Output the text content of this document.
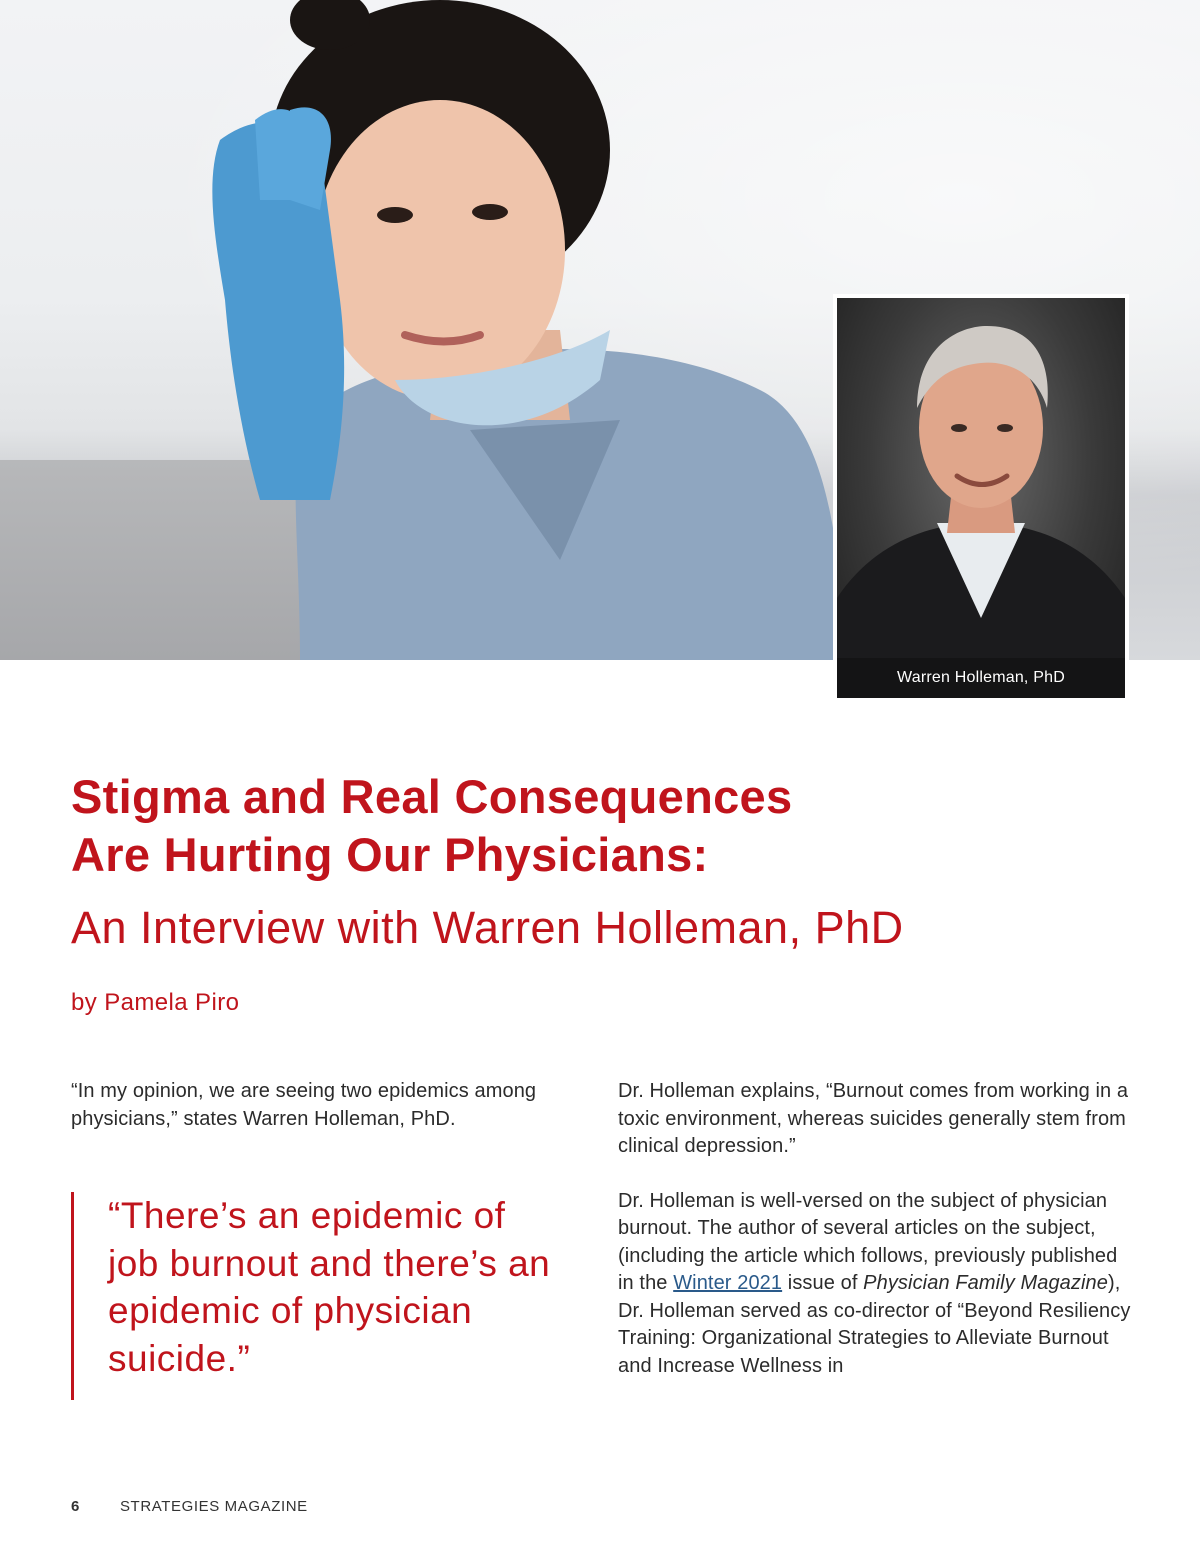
Warren Holleman, PhD
Stigma and Real Consequences
Are Hurting Our Physicians:
An Interview with Warren Holleman, PhD

by Pamela Piro

“In my opinion, we are seeing two epidemics among physicians,” states Warren Holleman, PhD.

“There’s an epidemic of job burnout and there’s an epidemic of physician suicide.”

Dr. Holleman explains, “Burnout comes from working in a toxic environment, whereas suicides generally stem from clinical depression.”

Dr. Holleman is well-versed on the subject of physician burnout. The author of several articles on the subject, (including the article which follows, previously published in the Winter 2021 issue of Physician Family Magazine), Dr. Holleman served as co-director of “Beyond Resiliency Training: Organizational Strategies to Alleviate Burnout and Increase Wellness in

6	STRATEGIES MAGAZINE
